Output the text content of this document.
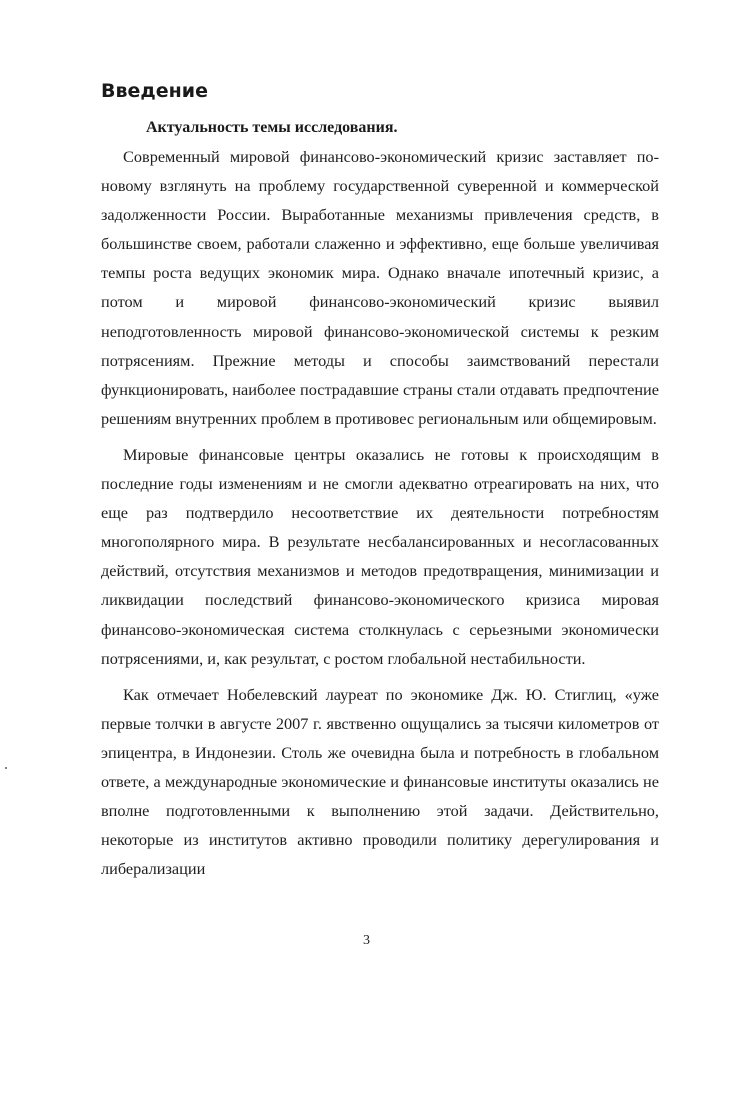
Введение
Актуальность темы исследования.

Современный мировой финансово-экономический кризис заставляет по-новому взглянуть на проблему государственной суверенной и коммерческой задолженности России. Выработанные механизмы привлечения средств, в большинстве своем, работали слаженно и эффективно, еще больше увеличивая темпы роста ведущих экономик мира. Однако вначале ипотечный кризис, а потом и мировой финансово-экономический кризис выявил неподготовленность мировой финансово-экономической системы к резким потрясениям. Прежние методы и способы заимствований перестали функционировать, наиболее пострадавшие страны стали отдавать предпочтение решениям внутренних проблем в противовес региональным или общемировым.

Мировые финансовые центры оказались не готовы к происходящим в последние годы изменениям и не смогли адекватно отреагировать на них, что еще раз подтвердило несоответствие их деятельности потребностям многополярного мира. В результате несбалансированных и несогласованных действий, отсутствия механизмов и методов предотвращения, минимизации и ликвидации последствий финансово-экономического кризиса мировая финансово-экономическая система столкнулась с серьезными экономически потрясениями, и, как результат, с ростом глобальной нестабильности.

Как отмечает Нобелевский лауреат по экономике Дж. Ю. Стиглиц, «уже первые толчки в августе 2007 г. явственно ощущались за тысячи километров от эпицентра, в Индонезии. Столь же очевидна была и потребность в глобальном ответе, а международные экономические и финансовые институты оказались не вполне подготовленными к выполнению этой задачи. Действительно, некоторые из институтов активно проводили политику дерегулирования и либерализации

3
